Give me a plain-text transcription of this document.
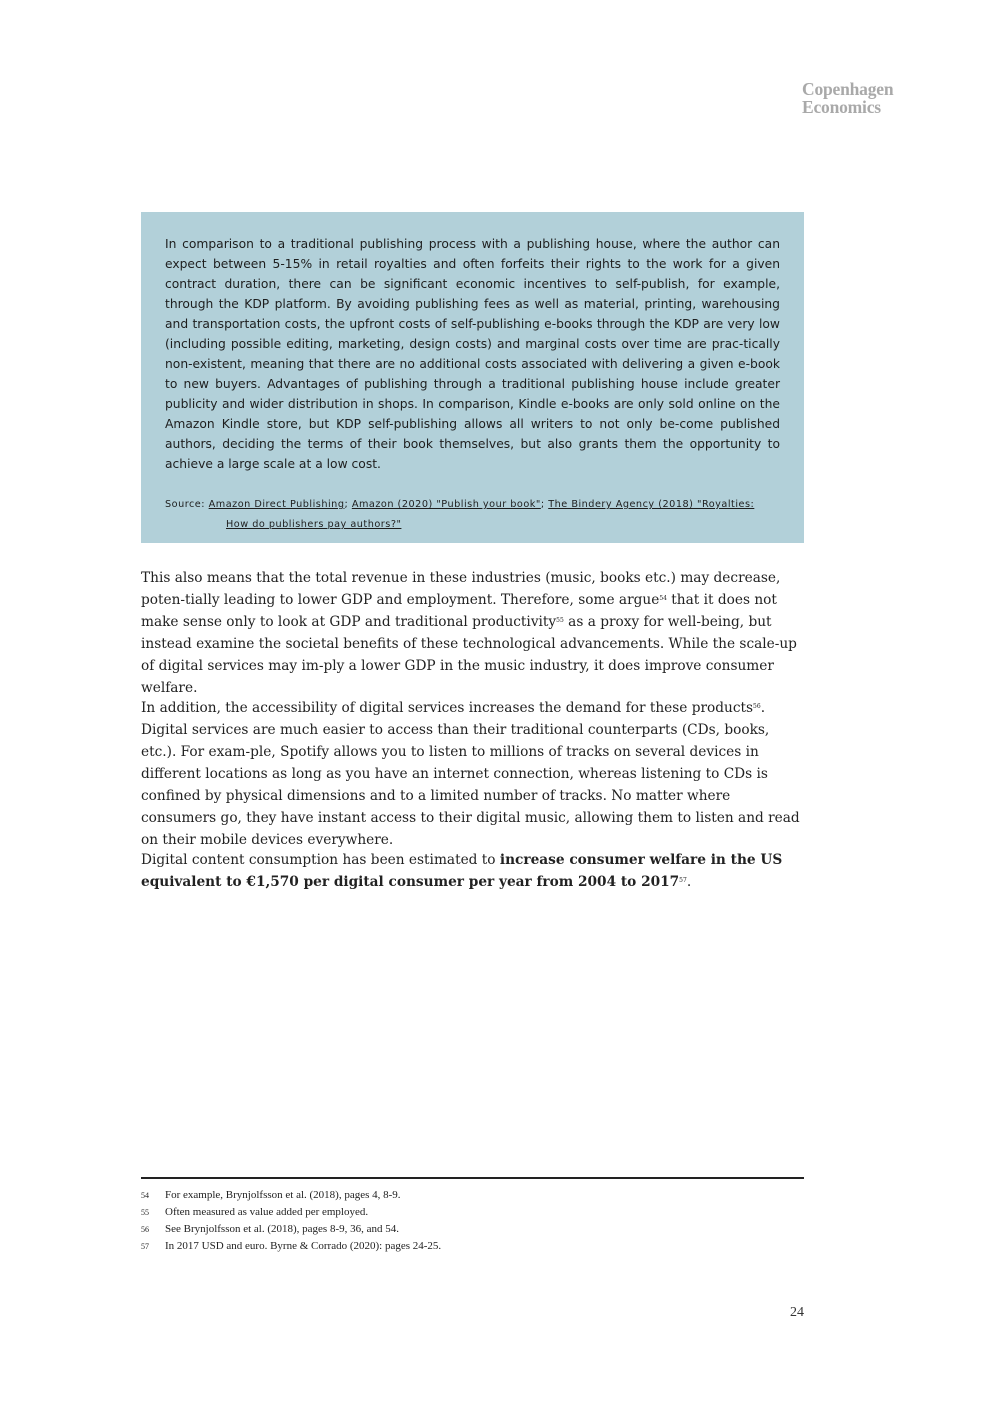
Copenhagen
Economics

In comparison to a traditional publishing process with a publishing house, where the author can expect between 5-15% in retail royalties and often forfeits their rights to the work for a given contract duration, there can be significant economic incentives to self-publish, for example, through the KDP platform. By avoiding publishing fees as well as material, printing, warehousing and transportation costs, the upfront costs of self-publishing e-books through the KDP are very low (including possible editing, marketing, design costs) and marginal costs over time are prac-tically non-existent, meaning that there are no additional costs associated with delivering a given e-book to new buyers. Advantages of publishing through a traditional publishing house include greater publicity and wider distribution in shops. In comparison, Kindle e-books are only sold online on the Amazon Kindle store, but KDP self-publishing allows all writers to not only be-come published authors, deciding the terms of their book themselves, but also grants them the opportunity to achieve a large scale at a low cost.

Source: Amazon Direct Publishing; Amazon (2020) "Publish your book"; The Bindery Agency (2018) "Royalties:
How do publishers pay authors?"

This also means that the total revenue in these industries (music, books etc.) may decrease, poten-tially leading to lower GDP and employment. Therefore, some argue$^{54}$ that it does not make sense only to look at GDP and traditional productivity$^{55}$ as a proxy for well-being, but instead examine the societal benefits of these technological advancements. While the scale-up of digital services may im-ply a lower GDP in the music industry, it does improve consumer welfare.

In addition, the accessibility of digital services increases the demand for these products$^{56}$. Digital services are much easier to access than their traditional counterparts (CDs, books, etc.). For exam-ple, Spotify allows you to listen to millions of tracks on several devices in different locations as long as you have an internet connection, whereas listening to CDs is confined by physical dimensions and to a limited number of tracks. No matter where consumers go, they have instant access to their digital music, allowing them to listen and read on their mobile devices everywhere.

Digital content consumption has been estimated to increase consumer welfare in the US equivalent to €1,570 per digital consumer per year from 2004 to 2017$^{57}$.

54	For example, Brynjolfsson et al. (2018), pages 4, 8-9.
55	Often measured as value added per employed.
56	See Brynjolfsson et al. (2018), pages 8-9, 36, and 54.
57	In 2017 USD and euro. Byrne & Corrado (2020): pages 24-25.
24
